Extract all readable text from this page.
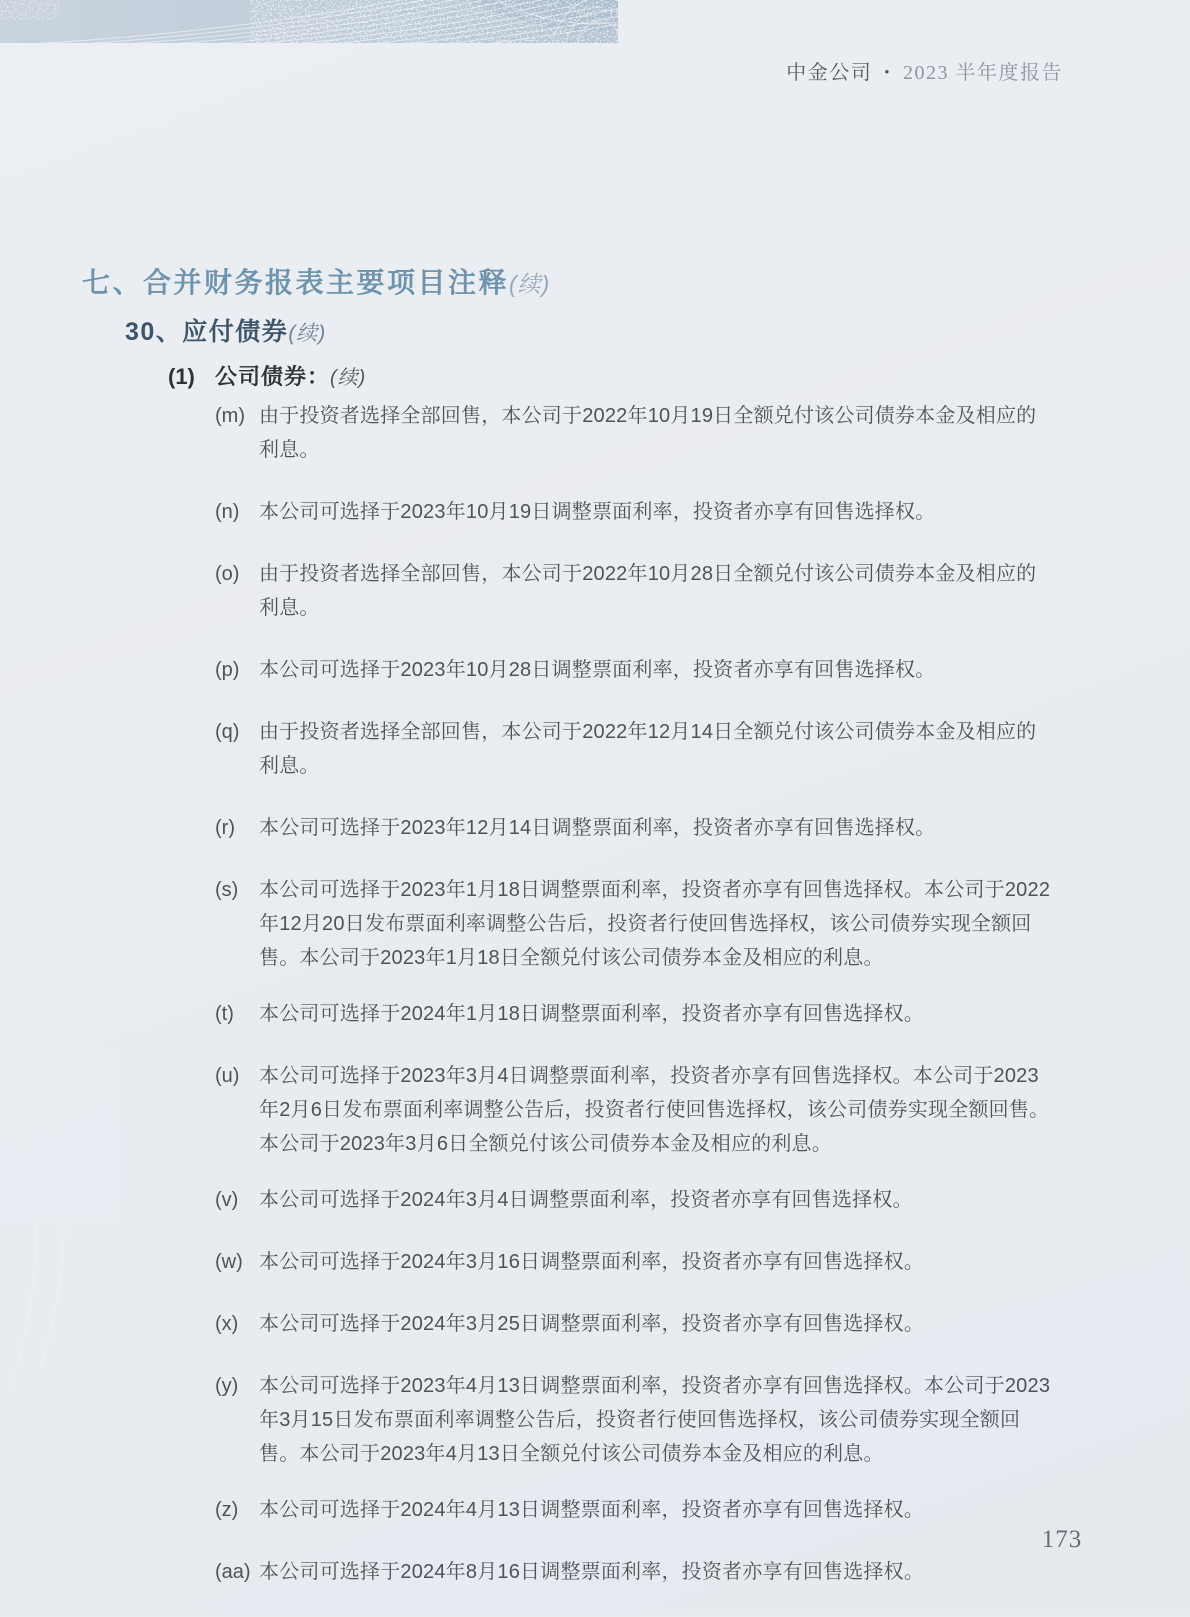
中金公司 • 2023 半年度报告
七、合并财务报表主要项目注释(续)
30、应付债券(续)
(1) 公司债券：(续)
(m) 由于投资者选择全部回售，本公司于2022年10月19日全额兑付该公司债券本金及相应的利息。

(n) 本公司可选择于2023年10月19日调整票面利率，投资者亦享有回售选择权。

(o) 由于投资者选择全部回售，本公司于2022年10月28日全额兑付该公司债券本金及相应的利息。

(p) 本公司可选择于2023年10月28日调整票面利率，投资者亦享有回售选择权。

(q) 由于投资者选择全部回售，本公司于2022年12月14日全额兑付该公司债券本金及相应的利息。

(r)	本公司可选择于2023年12月14日调整票面利率，投资者亦享有回售选择权。

(s)	本公司可选择于2023年1月18日调整票面利率，投资者亦享有回售选择权。本公司于2022年12月20日发布票面利率调整公告后，投资者行使回售选择权，该公司债券实现全额回售。本公司于2023年1月18日全额兑付该公司债券本金及相应的利息。

(t)	本公司可选择于2024年1月18日调整票面利率，投资者亦享有回售选择权。

(u) 本公司可选择于2023年3月4日调整票面利率，投资者亦享有回售选择权。本公司于2023年2月6日发布票面利率调整公告后，投资者行使回售选择权，该公司债券实现全额回售。本公司于2023年3月6日全额兑付该公司债券本金及相应的利息。

(v)	本公司可选择于2024年3月4日调整票面利率，投资者亦享有回售选择权。

(w) 本公司可选择于2024年3月16日调整票面利率，投资者亦享有回售选择权。

(x)	本公司可选择于2024年3月25日调整票面利率，投资者亦享有回售选择权。

(y)	本公司可选择于2023年4月13日调整票面利率，投资者亦享有回售选择权。本公司于2023年3月15日发布票面利率调整公告后，投资者行使回售选择权，该公司债券实现全额回售。本公司于2023年4月13日全额兑付该公司债券本金及相应的利息。

(z)	本公司可选择于2024年4月13日调整票面利率，投资者亦享有回售选择权。

(aa) 本公司可选择于2024年8月16日调整票面利率，投资者亦享有回售选择权。

173
